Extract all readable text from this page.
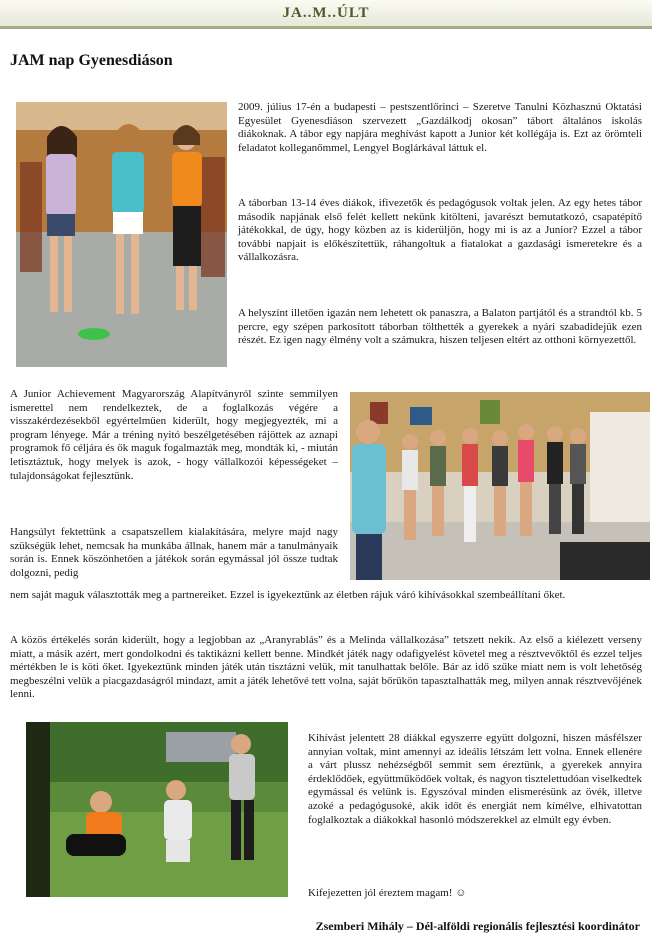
JA..M..ÚLT
JAM nap Gyenesdiáson

2009. július 17-én a budapesti – pestszentlőrinci – Szeretve Tanulni Közhasznú Oktatási Egyesület Gyenesdiáson szervezett „Gazdálkodj okosan” tábort általános iskolás diákoknak. A tábor egy napjára meghívást kapott a Junior két kollégája is. Ezt az örömteli feladatot kolleganőmmel, Lengyel Boglárkával láttuk el.

A táborban 13-14 éves diákok, ifivezetők és pedagógusok voltak jelen. Az egy hetes tábor második napjának első felét kellett nekünk kitölteni, javarészt bemutatkozó, csapatépítő játékokkal, de úgy, hogy közben az is kiderüljön, hogy mi is az a Junior? Ezzel a tábor további napjait is előkészítettük, ráhangoltuk a fiatalokat a gazdasági ismeretekre és a vállalkozásra.

A helyszínt illetően igazán nem lehetett ok panaszra, a Balaton partjától és a strandtól kb. 5 percre, egy szépen parkosított táborban tölthették a gyerekek a nyári szabadidejük ezen részét. Ez igen nagy élmény volt a számukra, hiszen teljesen eltért az otthoni környezettől.

A Junior Achievement Magyarország Alapítványról szinte semmilyen ismerettel nem rendelkeztek, de a foglalkozás végére a visszakérdezésekből egyértelműen kiderült, hogy megjegyezték, mi a program lényege. Már a tréning nyitó beszélgetésében rájöttek az aznapi programok fő céljára és ők maguk fogalmazták meg, mondták ki, - miután letisztáztuk, hogy melyek is azok, - hogy vállalkozói képességeket – tulajdonságokat fejlesztünk.

Hangsúlyt fektettünk a csapatszellem kialakítására, melyre majd nagy szükségük lehet, nemcsak ha munkába állnak, hanem már a tanulmányaik során is. Ennek köszönhetően a játékok során egymással jól össze tudtak dolgozni, pedig

nem saját maguk választották meg a partnereiket. Ezzel is igyekeztünk az életben rájuk váró kihívásokkal szembeállítani őket.

A közös értékelés során kiderült, hogy a legjobban az „Aranyrablás” és a Melinda vállalkozása” tetszett nekik. Az első a kiélezett verseny miatt, a másik azért, mert gondolkodni és taktikázni kellett benne. Mindkét játék nagy odafigyelést követel meg a résztvevőktől és ezzel teljes mértékben le is köti őket. Igyekeztünk minden játék után tisztázni velük, mit tanulhattak belőle. Bár az idő szűke miatt nem is volt lehetőség megbeszélni velük a piacgazdaságról mindazt, amit a játék lehetővé tett volna, saját bőrükön tapasztalhatták meg, milyen annak résztvevőjének lenni.

Kihívást jelentett 28 diákkal egyszerre együtt dolgozni, hiszen másfélszer annyian voltak, mint amennyi az ideális létszám lett volna. Ennek ellenére a várt plussz nehézségből semmit sem éreztünk, a gyerekek annyira érdeklődőek, együttműködőek voltak, és nagyon tisztelettudóan viselkedtek egymással és velünk is. Egyszóval minden elismerésünk az övék, illetve azoké a pedagógusoké, akik időt és energiát nem kímélve, elhivatottan foglalkoztak a diákokkal hasonló módszerekkel az elmúlt egy évben.

Kifejezetten jól éreztem magam! ☺

Zsemberi Mihály – Dél-alföldi regionális fejlesztési koordinátor
